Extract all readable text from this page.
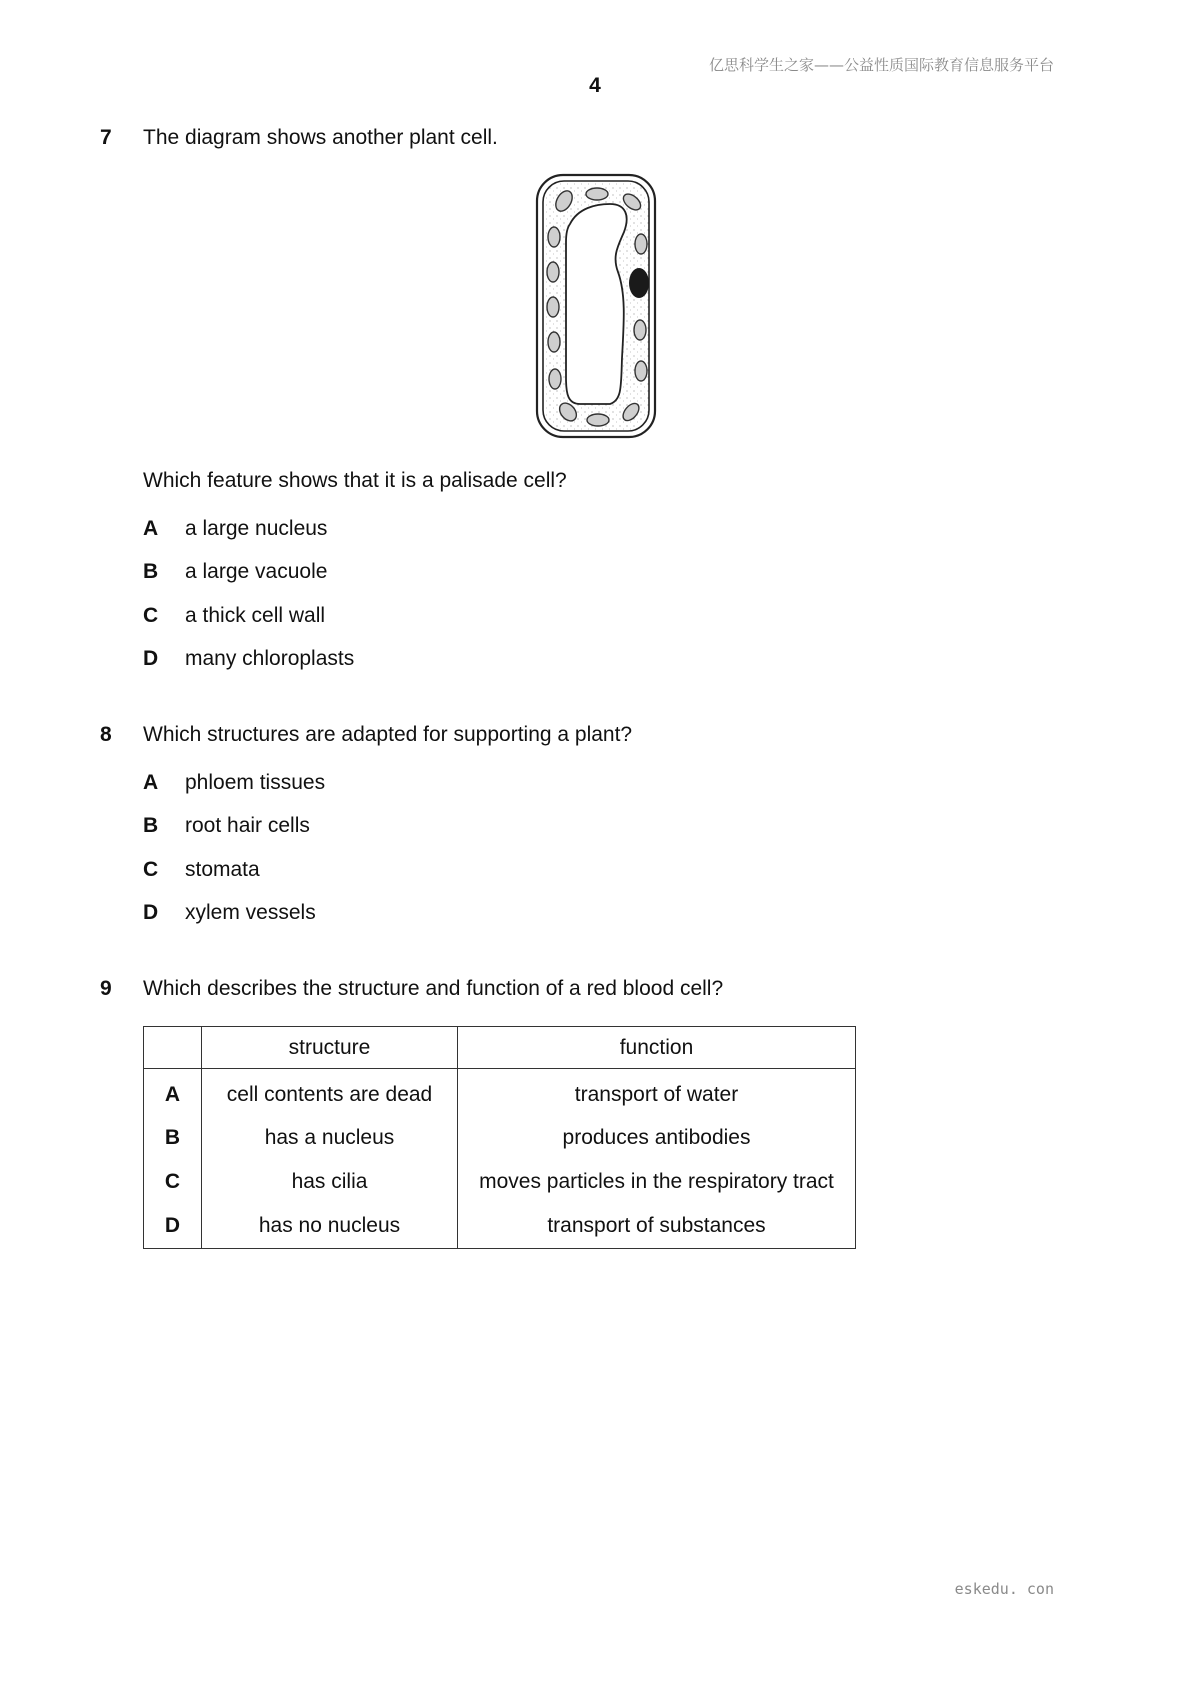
亿思科学生之家——公益性质国际教育信息服务平台
4
7 The diagram shows another plant cell.
Which feature shows that it is a palisade cell?
A a large nucleus
B a large vacuole
C a thick cell wall
D many chloroplasts
8 Which structures are adapted for supporting a plant?
A phloem tissues
B root hair cells
C stomata
D xylem vessels
9 Which describes the structure and function of a red blood cell?
	structure	function
A	cell contents are dead	transport of water
B	has a nucleus	produces antibodies
C	has cilia	moves particles in the respiratory tract
D	has no nucleus	transport of substances
eskedu. con
